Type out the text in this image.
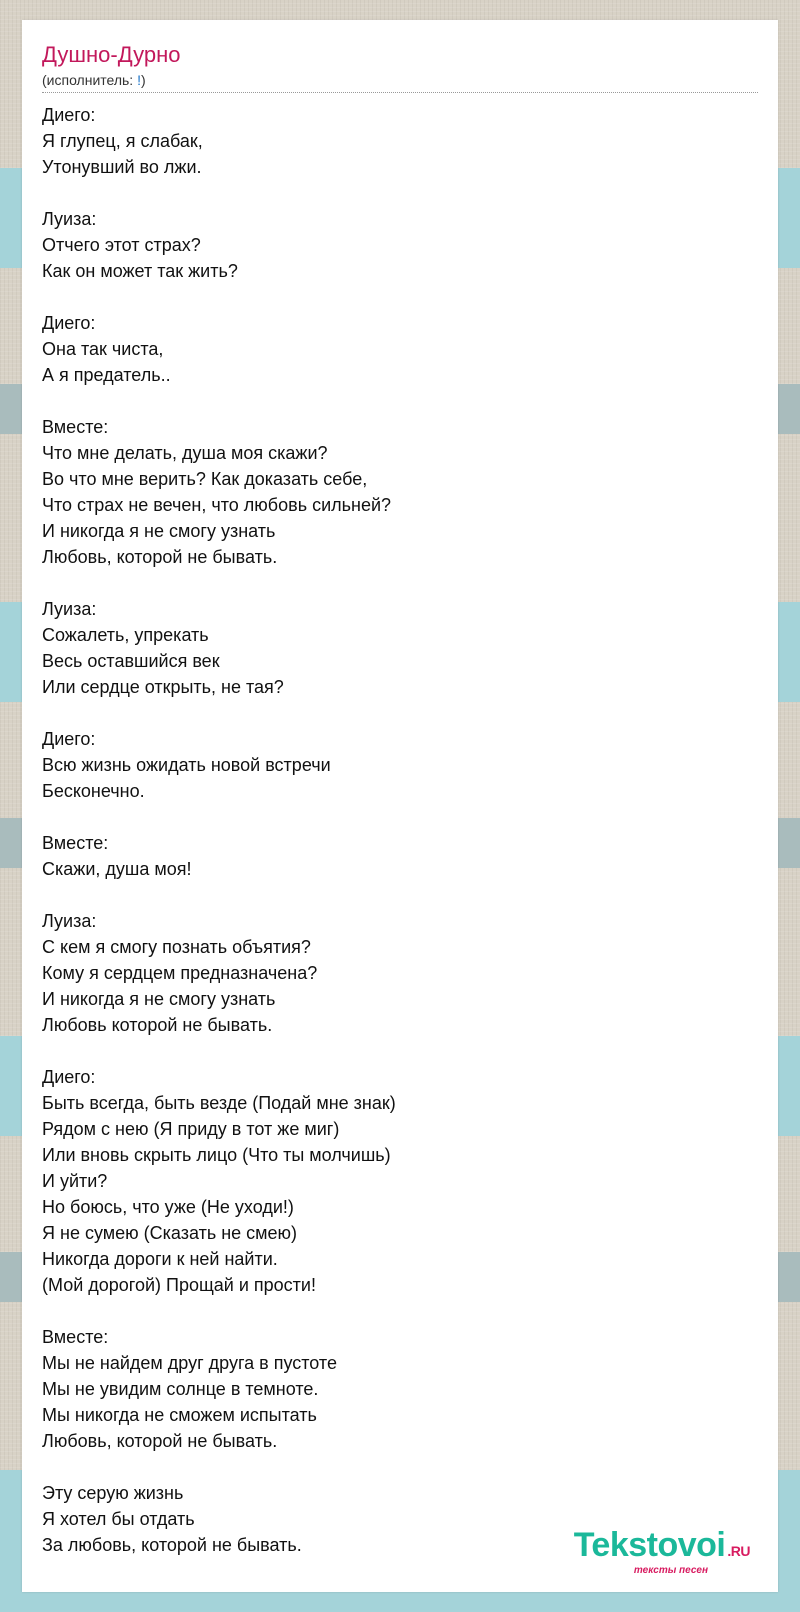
Душно-Дурно
(исполнитель: !)
Диего:
Я глупец, я слабак,
Утонувший во лжи.
Луиза:
Отчего этот страх?
Как он может так жить?
Диего:
Она так чиста,
А я предатель..
Вместе:
Что мне делать, душа моя скажи?
Во что мне верить? Как доказать себе,
Что страх не вечен, что любовь сильней?
И никогда я не смогу узнать
Любовь, которой не бывать.
Луиза:
Сожалеть, упрекать
Весь оставшийся век
Или сердце открыть, не тая?
Диего:
Всю жизнь ожидать новой встречи
Бесконечно.
Вместе:
Скажи, душа моя!
Луиза:
С кем я смогу познать объятия?
Кому я сердцем предназначена?
И никогда я не смогу узнать
Любовь которой не бывать.
Диего:
Быть всегда, быть везде (Подай мне знак)
Рядом с нею (Я приду в тот же миг)
Или вновь скрыть лицо (Что ты молчишь)
И уйти?
Но боюсь, что уже (Не уходи!)
Я не сумею (Сказать не смею)
Никогда дороги к ней найти.
(Мой дорогой) Прощай и прости!
Вместе:
Мы не найдем друг друга в пустоте
Мы не увидим солнце в темноте.
Мы никогда не сможем испытать
Любовь, которой не бывать.
Эту серую жизнь
Я хотел бы отдать
За любовь, которой не бывать.	Tekstovoi .RU
тексты песен
